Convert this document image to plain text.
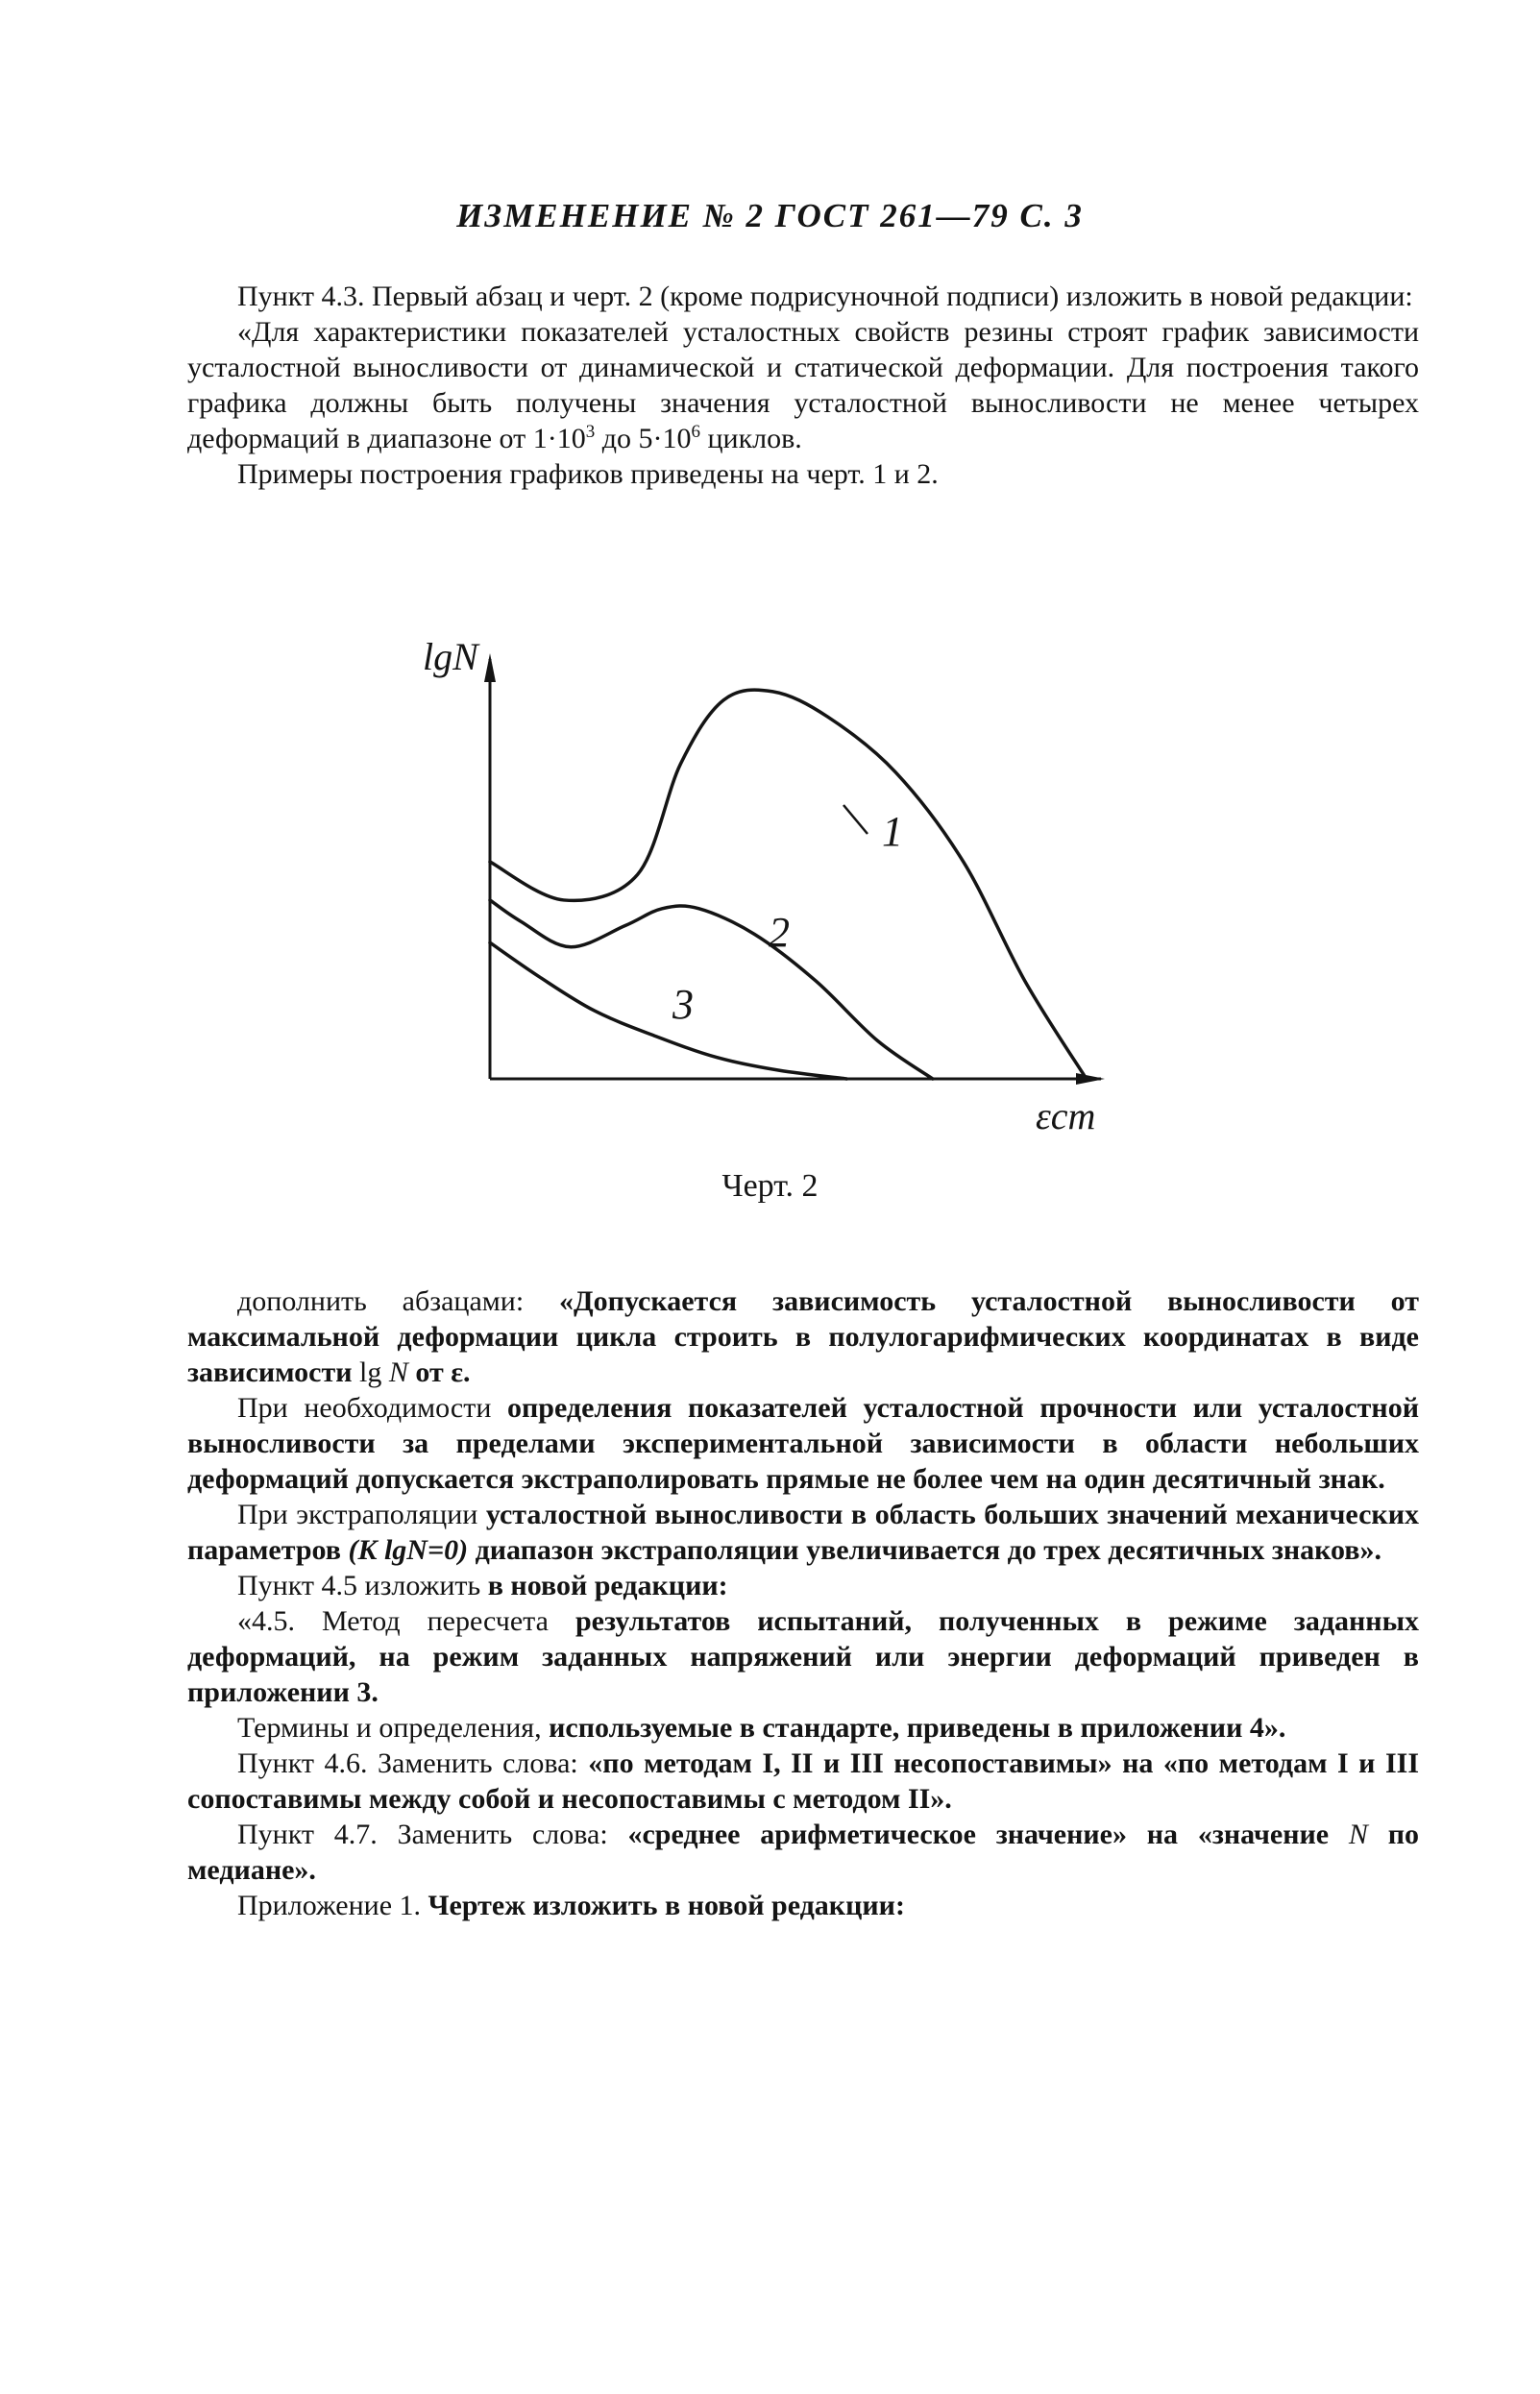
ИЗМЕНЕНИЕ № 2 ГОСТ 261—79 С. 3

Пункт 4.3. Первый абзац и черт. 2 (кроме подрисуночной подписи) изложить в новой редакции:

«Для характеристики показателей усталостных свойств резины строят график зависимости усталостной выносливости от динамической и статической деформации. Для построения такого графика должны быть получены значения усталостной выносливости не менее четырех деформаций в диапазоне от $1\cdot 10^3$ до $5\cdot 10^6$ циклов.

Примеры построения графиков приведены на черт. 1 и 2.

lgN
εст
1
2
3
Черт. 2

дополнить абзацами: «Допускается зависимость усталостной выносливости от максимальной деформации цикла строить в полулогарифмических координатах в виде зависимости lg N от ε.

При необходимости определения показателей усталостной прочности или усталостной выносливости за пределами экспериментальной зависимости в области небольших деформаций допускается экстраполировать прямые не более чем на один десятичный знак.

При экстраполяции усталостной выносливости в область больших значений механических параметров (K lgN=0) диапазон экстраполяции увеличивается до трех десятичных знаков».

Пункт 4.5 изложить в новой редакции:

«4.5. Метод пересчета результатов испытаний, полученных в режиме заданных деформаций, на режим заданных напряжений или энергии деформаций приведен в приложении 3.

Термины и определения, используемые в стандарте, приведены в приложении 4».

Пункт 4.6. Заменить слова: «по методам I, II и III несопоставимы» на «по методам I и III сопоставимы между собой и несопоставимы с методом II».

Пункт 4.7. Заменить слова: «среднее арифметическое значение» на «значение N по медиане».

Приложение 1. Чертеж изложить в новой редакции:
